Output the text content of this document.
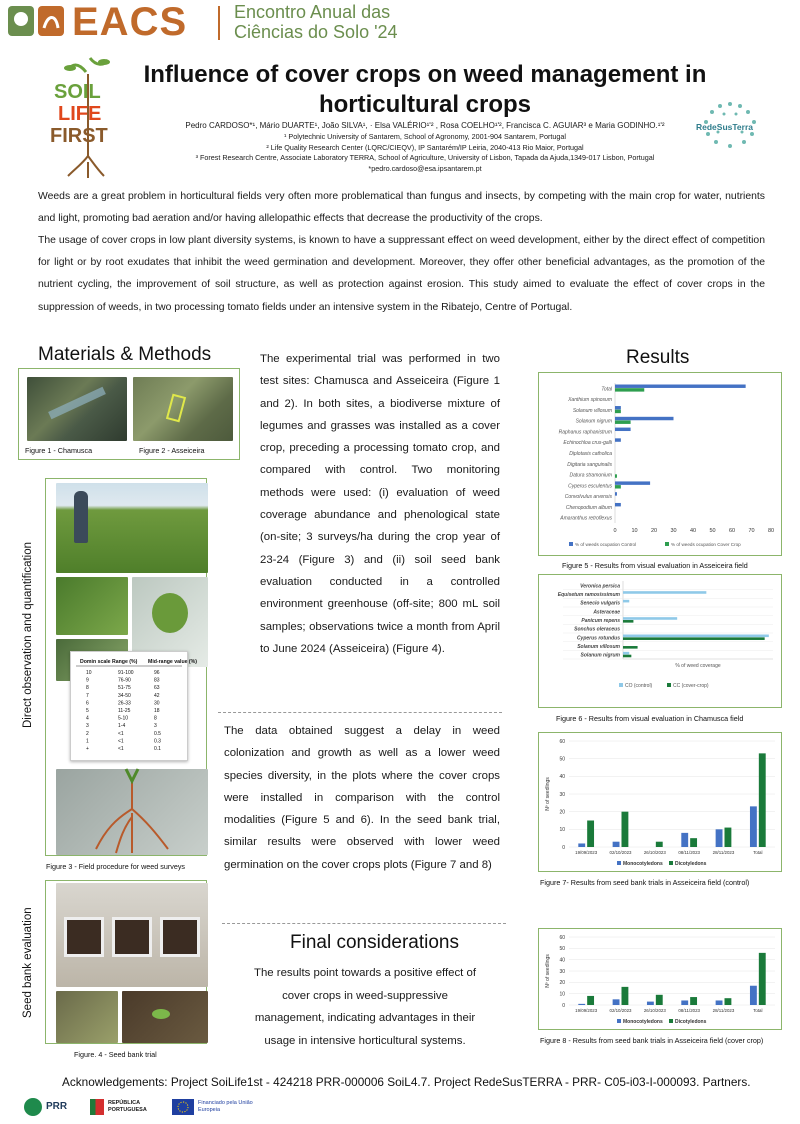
EACS	Encontro Anual das
Ciências do Solo '24
SOIL
LIFE
FIRST
Influence of cover crops on weed management in horticultural crops
Pedro CARDOSO*¹, Mário DUARTE¹, João SILVA¹, · Elsa VALÉRIO¹ʹ² , Rosa COELHO¹ʹ², Francisca C. AGUIAR³ e Maria GODINHO.¹ʹ²
¹ Polytechnic University of Santarem, School of Agronomy, 2001-904 Santarem, Portugal
² Life Quality Research Center (LQRC/CIEQV), IP Santarém/IP Leiria, 2040-413 Rio Maior, Portugal
³ Forest Research Centre, Associate Laboratory TERRA, School of Agriculture, University of Lisbon, Tapada da Ajuda,1349-017 Lisbon, Portugal
*pedro.cardoso@esa.ipsantarem.pt
RedeSusTerra

Weeds are a great problem in horticultural fields very often more problematical than fungus and insects, by competing with the main crop for water, nutrients and light, promoting bad aeration and/or having allelopathic effects that decrease the productivity of the crops.

The usage of cover crops in low plant diversity systems, is known to have a suppressant effect on weed development, either by the direct effect of competition for light or by root exudates that inhibit the weed germination and development. Moreover, they offer other beneficial advantages, as the promotion of the nutrient cycling, the improvement of soil structure, as well as protection against erosion. This study aimed to evaluate the effect of cover crops in the suppression of weeds, in two processing tomato fields under an intensive system in the Ribatejo, Centre of Portugal.

Materials & Methods	Results
Final considerations
Figure 1 - Chamusca	Figure 2 - Asseiceira
Direct observation and quantification
Seed bank evaluation
Domin scale Range (%) Mid-range value (%)
10	91-100	96
9	76-90	83
8	51-75	63
7	34-50	42
6	26-33	30
5	11-25	18
4	5-10	8
3	1-4	3
2	<1	0.5
1	<1	0.3
+	<1	0.1
Figure 3 - Field procedure for weed surveys
Figure. 4 - Seed bank trial

The experimental trial was performed in two test sites: Chamusca and Asseiceira (Figure 1 and 2). In both sites, a biodiverse mixture of legumes and grasses was installed as a cover crop, preceding a processing tomato crop, and compared with control. Two monitoring methods were used: (i) evaluation of weed coverage abundance and phenological state (on-site; 3 surveys/ha during the crop year of 23-24 (Figure 3) and (ii) soil seed bank evaluation conducted in a controlled environment greenhouse (off-site; 800 mL soil samples; observations twice a month from April to June 2024 (Asseiceira) (Figure 4).

The data obtained suggest a delay in weed colonization and growth as well as a lower weed species diversity, in the plots where the cover crops were installed in comparison with the control modalities (Figure 5 and 6). In the seed bank trial, similar results were observed with lower weed germination on the cover crops plots (Figure 7 and 8)

The results point towards a positive effect of cover crops in weed-suppressive management, indicating advantages in their usage in intensive horticultural systems.

0	10 20 30 40 50 60 70 80
Total
Xanthium spinosum
Solanum villosum
Solanum nigrum
Raphanus raphanistrum
Echinochloa crus-galli
Diplotaxis catholica
Digitaria sanguinalis
Datura stramonium
Cyperus esculentus
Convolvulus arvensis
Chenopodium album
Amaranthus retroflexus
% of weeds ocupation Control	% of weeds ocupation Cover Crop
Figure 5 - Results from visual evaluation in Asseiceira field
Veronica persica
Equisetum ramosissimum
Senecio vulgaris
Asteraceae
Panicum repens
Sonchus oleraceus
Cyperus rotundus
Solanum villosum
Solanum nigrum
% of weed coverage
CO (control)	CC (cover-crop)
Figure 6 - Results from visual evaluation in Chamusca field
0
10
20
30
40
50
60
19/09/2023	02/10/2023	26/10/2023	08/11/2023	28/11/2023	Total
Nº of seedlings
Monocotyledons Dicotyledons
Figure 7- Results from seed bank trials in Asseiceira field (control)
0
10
20
30
40
50
60
19/09/2023	02/10/2023	26/10/2023	08/11/2023	28/11/2023	Total
Nº of seedlings
Monocotyledons Dicotyledons
Figure 8 - Results from seed bank trials in Asseiceira field (cover crop)
Acknowledgements: Project SoiLife1st - 424218 PRR-000006 SoiL4.7. Project RedeSusTERRA - PRR- C05-i03-I-000093. Partners.
PRR	REPÚBLICA PORTUGUESA
Financiado pela União Europeia
